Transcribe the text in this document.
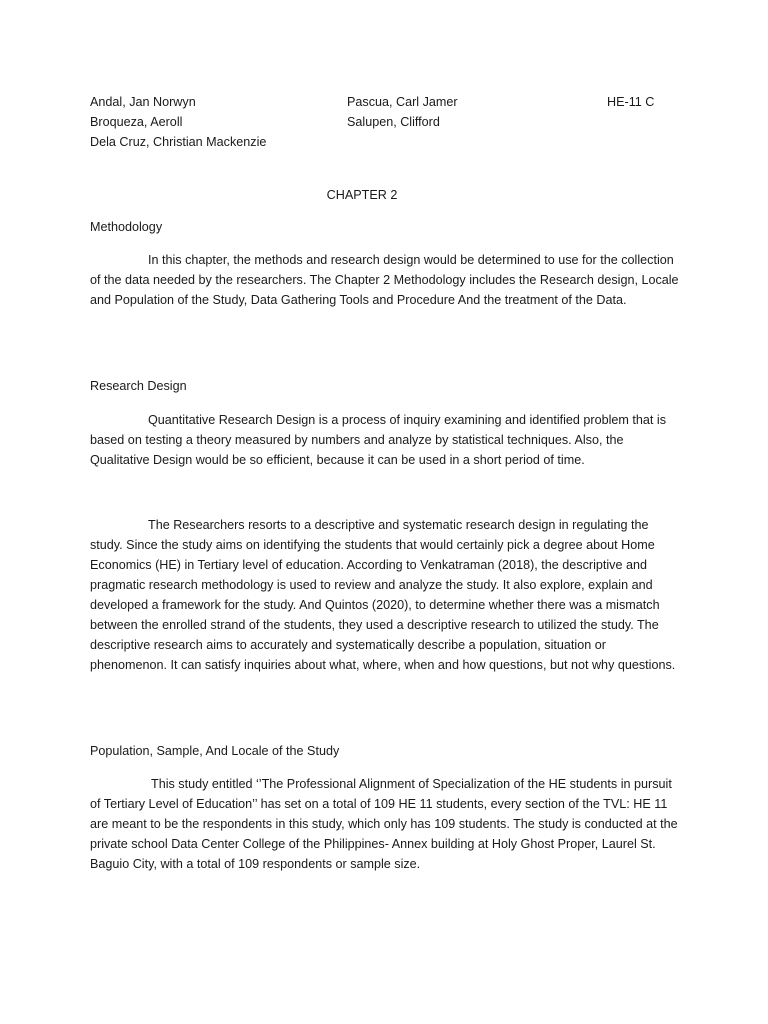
Andal, Jan Norwyn
Broqueza, Aeroll
Dela Cruz, Christian Mackenzie
Pascua, Carl Jamer
Salupen, Clifford
HE-11 C
CHAPTER 2
Methodology

In this chapter, the methods and research design would be determined to use for the collection of the data needed by the researchers. The Chapter 2 Methodology includes the Research design, Locale and Population of the Study, Data Gathering Tools and Procedure And the treatment of the Data.

Research Design

Quantitative Research Design is a process of inquiry examining and identified problem that is based on testing a theory measured by numbers and analyze by statistical techniques. Also, the Qualitative Design would be so efficient, because it can be used in a short period of time.

The Researchers resorts to a descriptive and systematic research design in regulating the study. Since the study aims on identifying the students that would certainly pick a degree about Home Economics (HE) in Tertiary level of education. According to Venkatraman (2018), the descriptive and pragmatic research methodology is used to review and analyze the study. It also explore, explain and developed a framework for the study. And Quintos (2020), to determine whether there was a mismatch between the enrolled strand of the students, they used a descriptive research to utilized the study. The descriptive research aims to accurately and systematically describe a population, situation or phenomenon. It can satisfy inquiries about what, where, when and how questions, but not why questions.

Population, Sample, And Locale of the Study

This study entitled ‘’The Professional Alignment of Specialization of the HE students in pursuit of Tertiary Level of Education’’ has set on a total of 109 HE 11 students, every section of the TVL: HE 11 are meant to be the respondents in this study, which only has 109 students. The study is conducted at the private school Data Center College of the Philippines- Annex building at Holy Ghost Proper, Laurel St. Baguio City, with a total of 109 respondents or sample size.
